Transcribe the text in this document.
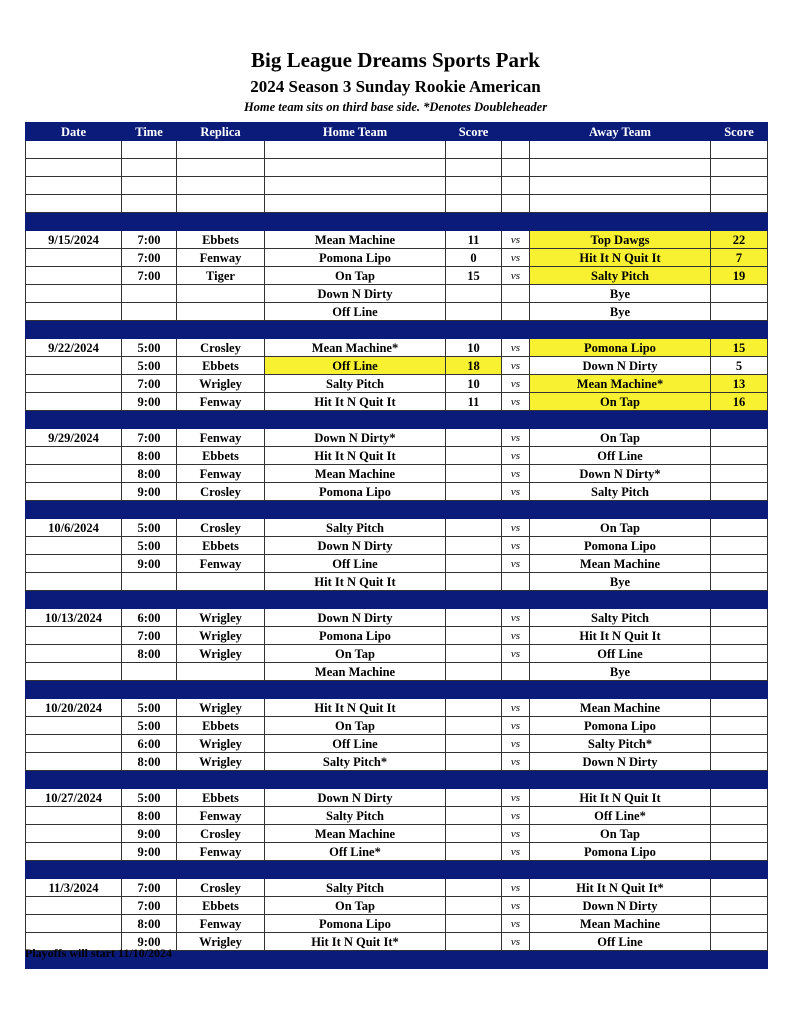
Big League Dreams Sports Park
2024 Season 3 Sunday Rookie American
Home team sits on third base side. *Denotes Doubleheader
Date	Time	Replica	Home Team	Score		Away Team	Score

9/15/2024	7:00	Ebbets	Mean Machine	11	vs	Top Dawgs	22
	7:00	Fenway	Pomona Lipo	0	vs	Hit It N Quit It	7
	7:00	Tiger	On Tap	15	vs	Salty Pitch	19
			Down N Dirty			Bye	
			Off Line			Bye	

9/22/2024	5:00	Crosley	Mean Machine*	10	vs	Pomona Lipo	15
	5:00	Ebbets	Off Line	18	vs	Down N Dirty	5
	7:00	Wrigley	Salty Pitch	10	vs	Mean Machine*	13
	9:00	Fenway	Hit It N Quit It	11	vs	On Tap	16

9/29/2024	7:00	Fenway	Down N Dirty*		vs	On Tap	
	8:00	Ebbets	Hit It N Quit It		vs	Off Line	
	8:00	Fenway	Mean Machine		vs	Down N Dirty*	
	9:00	Crosley	Pomona Lipo		vs	Salty Pitch	

10/6/2024	5:00	Crosley	Salty Pitch		vs	On Tap	
	5:00	Ebbets	Down N Dirty		vs	Pomona Lipo	
	9:00	Fenway	Off Line		vs	Mean Machine	
			Hit It N Quit It			Bye	

10/13/2024	6:00	Wrigley	Down N Dirty		vs	Salty Pitch	
	7:00	Wrigley	Pomona Lipo		vs	Hit It N Quit It	
	8:00	Wrigley	On Tap		vs	Off Line	
			Mean Machine			Bye	

10/20/2024	5:00	Wrigley	Hit It N Quit It		vs	Mean Machine	
	5:00	Ebbets	On Tap		vs	Pomona Lipo	
	6:00	Wrigley	Off Line		vs	Salty Pitch*	
	8:00	Wrigley	Salty Pitch*		vs	Down N Dirty	

10/27/2024	5:00	Ebbets	Down N Dirty		vs	Hit It N Quit It	
	8:00	Fenway	Salty Pitch		vs	Off Line*	
	9:00	Crosley	Mean Machine		vs	On Tap	
	9:00	Fenway	Off Line*		vs	Pomona Lipo	

11/3/2024	7:00	Crosley	Salty Pitch		vs	Hit It N Quit It*	
	7:00	Ebbets	On Tap		vs	Down N Dirty	
	8:00	Fenway	Pomona Lipo		vs	Mean Machine	
	9:00	Wrigley	Hit It N Quit It*		vs	Off Line	

Playoffs will start 11/10/2024
